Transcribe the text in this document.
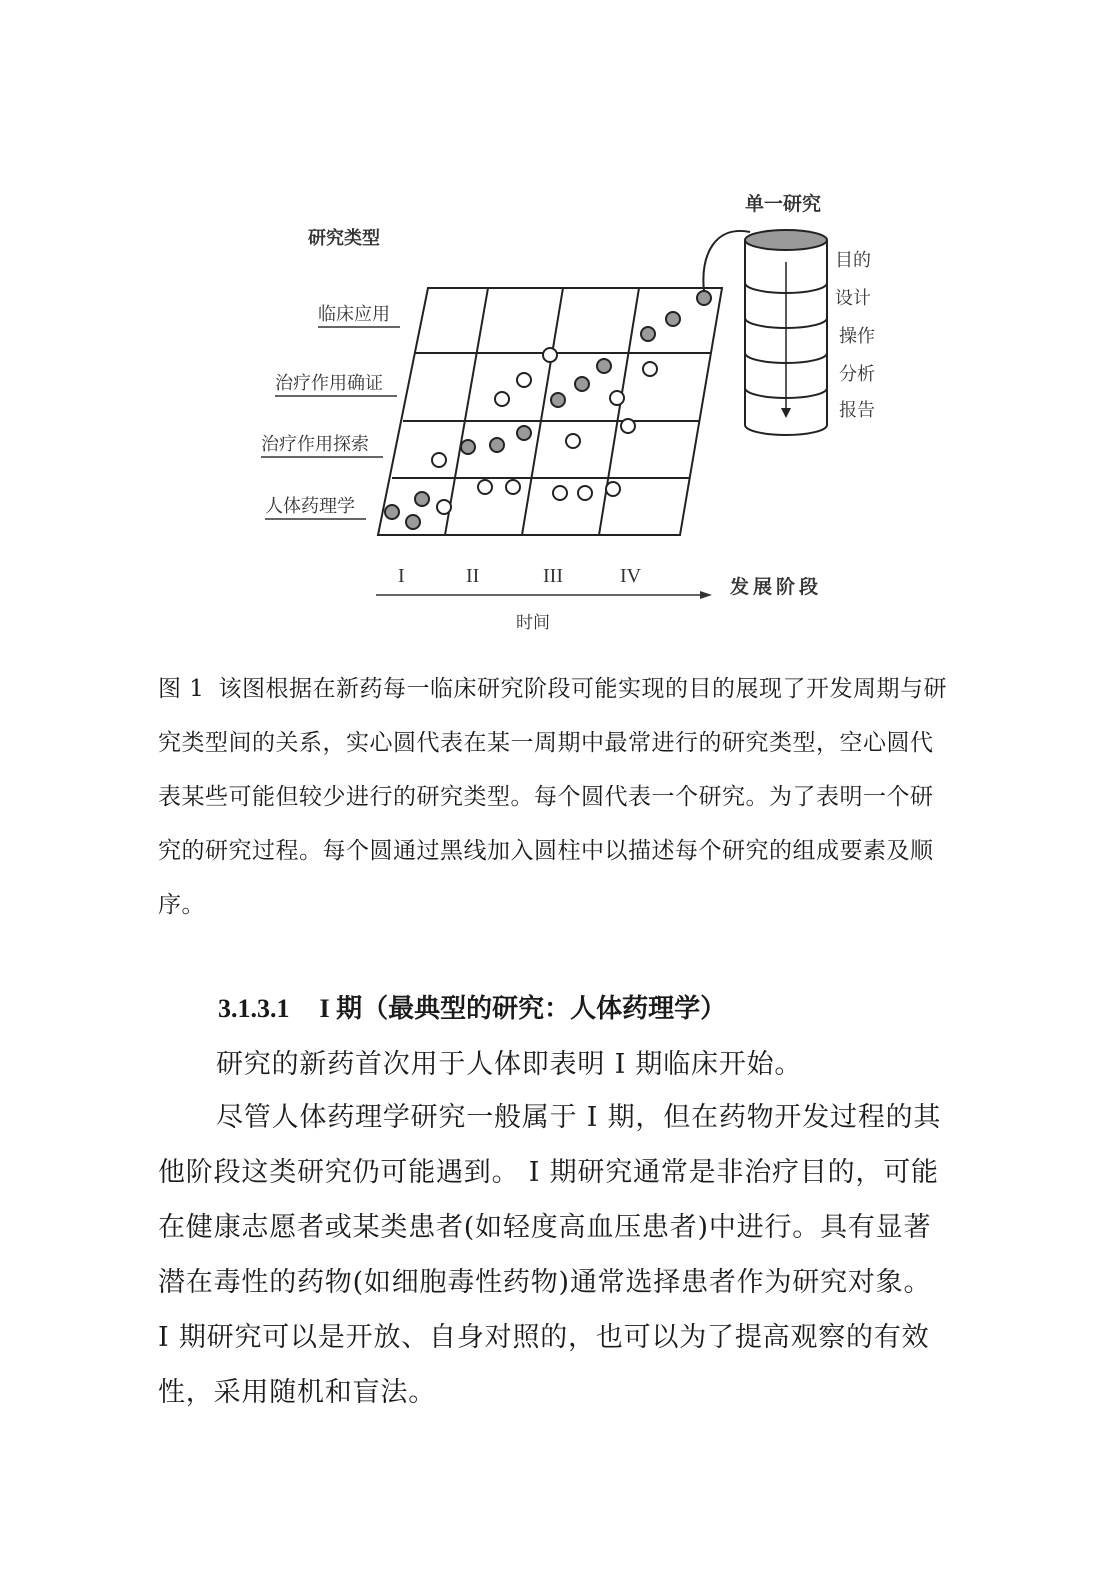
研究类型
临床应用
治疗作用确证
治疗作用探索
人体药理学
单一研究
目的
设计
操作
分析
报告
I	II	III	IV	发展阶段
时间
图 1 该图根据在新药每一临床研究阶段可能实现的目的展现了开发周期与研究类型间的关系，实心圆代表在某一周期中最常进行的研究类型，空心圆代表某些可能但较少进行的研究类型。每个圆代表一个研究。为了表明一个研究的研究过程。每个圆通过黑线加入圆柱中以描述每个研究的组成要素及顺序。
3.1.3.1 I 期（最典型的研究：人体药理学）

研究的新药首次用于人体即表明 I 期临床开始。

尽管人体药理学研究一般属于 I 期，但在药物开发过程的其他阶段这类研究仍可能遇到。 I 期研究通常是非治疗目的，可能在健康志愿者或某类患者(如轻度高血压患者)中进行。具有显著潜在毒性的药物(如细胞毒性药物)通常选择患者作为研究对象。 I 期研究可以是开放、自身对照的，也可以为了提高观察的有效性，采用随机和盲法。
